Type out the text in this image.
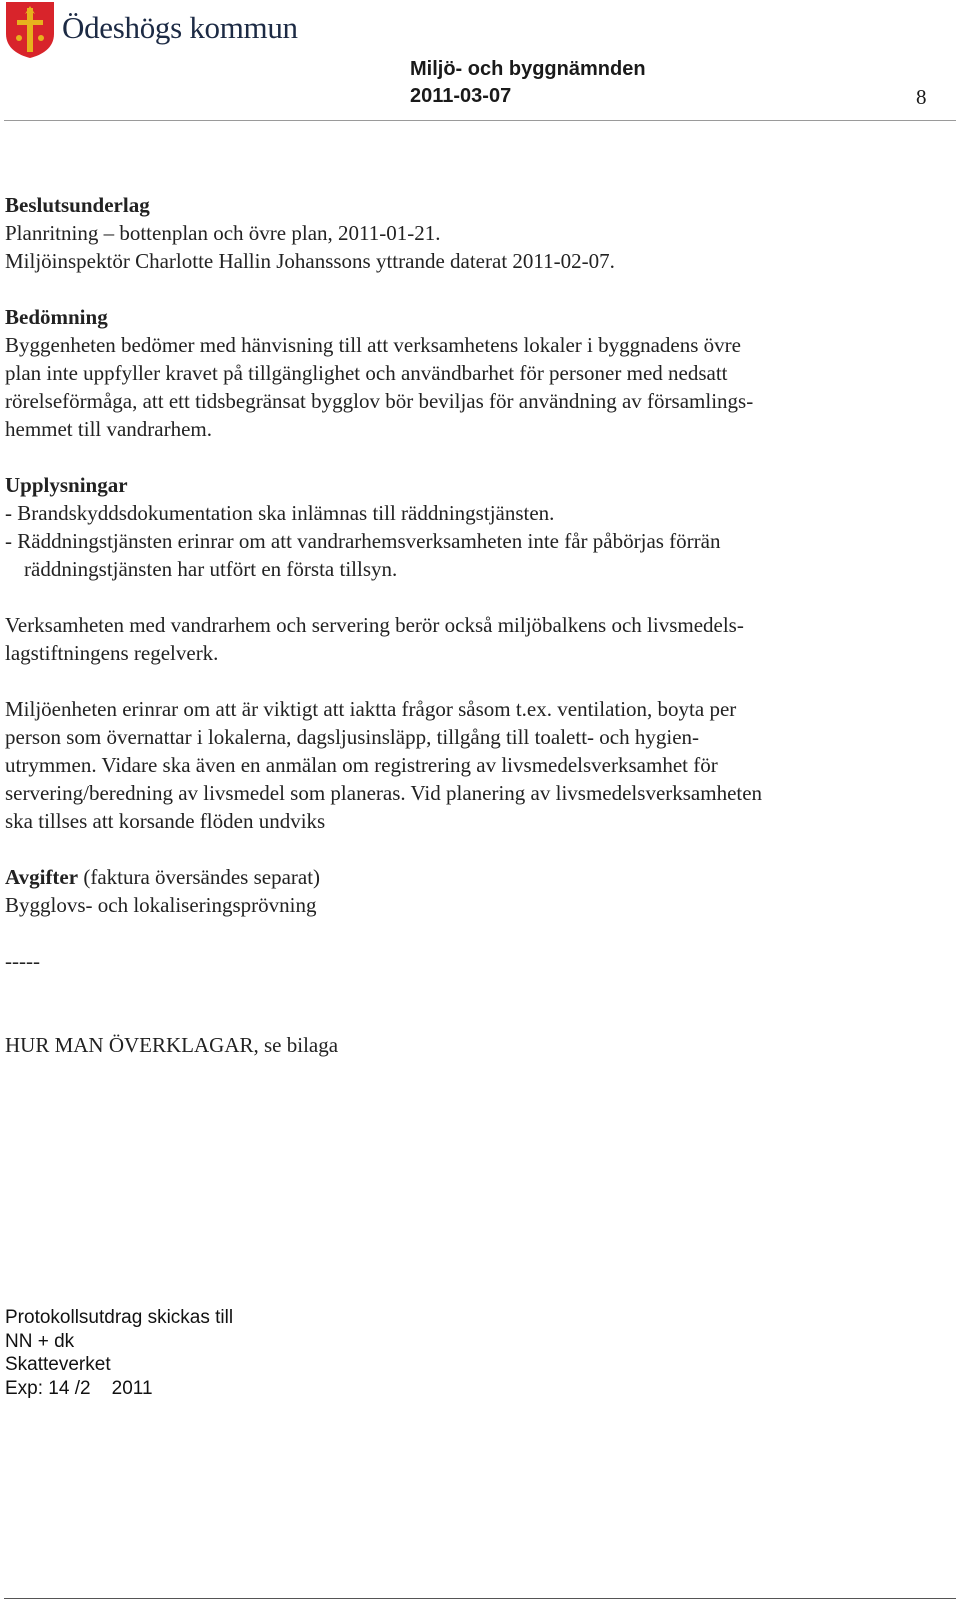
Ödeshögs kommun
Miljö- och byggnämnden
2011-03-07	8

Beslutsunderlag

Planritning – bottenplan och övre plan, 2011-01-21.

Miljöinspektör Charlotte Hallin Johanssons yttrande daterat 2011-02-07.

Bedömning

Byggenheten bedömer med hänvisning till att verksamhetens lokaler i byggnadens övre

plan inte uppfyller kravet på tillgänglighet och användbarhet för personer med nedsatt

rörelseförmåga, att ett tidsbegränsat bygglov bör beviljas för användning av församlings-

hemmet till vandrarhem.

Upplysningar

- Brandskyddsdokumentation ska inlämnas till räddningstjänsten.

- Räddningstjänsten erinrar om att vandrarhemsverksamheten inte får påbörjas förrän

räddningstjänsten har utfört en första tillsyn.

Verksamheten med vandrarhem och servering berör också miljöbalkens och livsmedels-

lagstiftningens regelverk.

Miljöenheten erinrar om att är viktigt att iaktta frågor såsom t.ex. ventilation, boyta per

person som övernattar i lokalerna, dagsljusinsläpp, tillgång till toalett- och hygien-

utrymmen. Vidare ska även en anmälan om registrering av livsmedelsverksamhet för

servering/beredning av livsmedel som planeras. Vid planering av livsmedelsverksamheten

ska tillses att korsande flöden undviks

Avgifter (faktura översändes separat)

Bygglovs- och lokaliseringsprövning

-----

HUR MAN ÖVERKLAGAR, se bilaga

Protokollsutdrag skickas till
NN + dk
Skatteverket
Exp: 14 /2    2011
